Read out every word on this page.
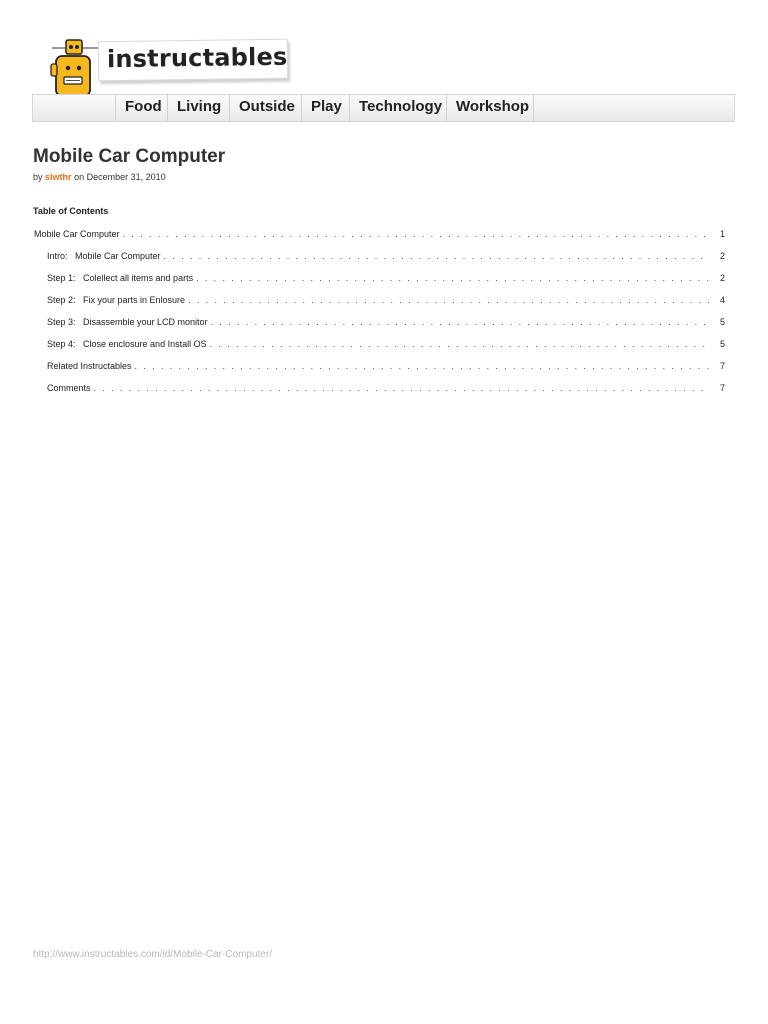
instructables
Food	Living	Outside	Play	Technology Workshop
Mobile Car Computer
by slwthr on December 31, 2010
Table of Contents
Mobile Car Computer . . .	1
Intro:   Mobile Car Computer . . .	2
Step 1:   Colellect all items and parts . . .	2
Step 2:   Fix your parts in Enlosure . . .	4
Step 3:   Disassemble your LCD monitor . . .	5
Step 4:   Close enclosure and Install OS . . .	5
Related Instructables . . .	7
Comments . . .	7
http://www.instructables.com/id/Mobile-Car-Computer/
